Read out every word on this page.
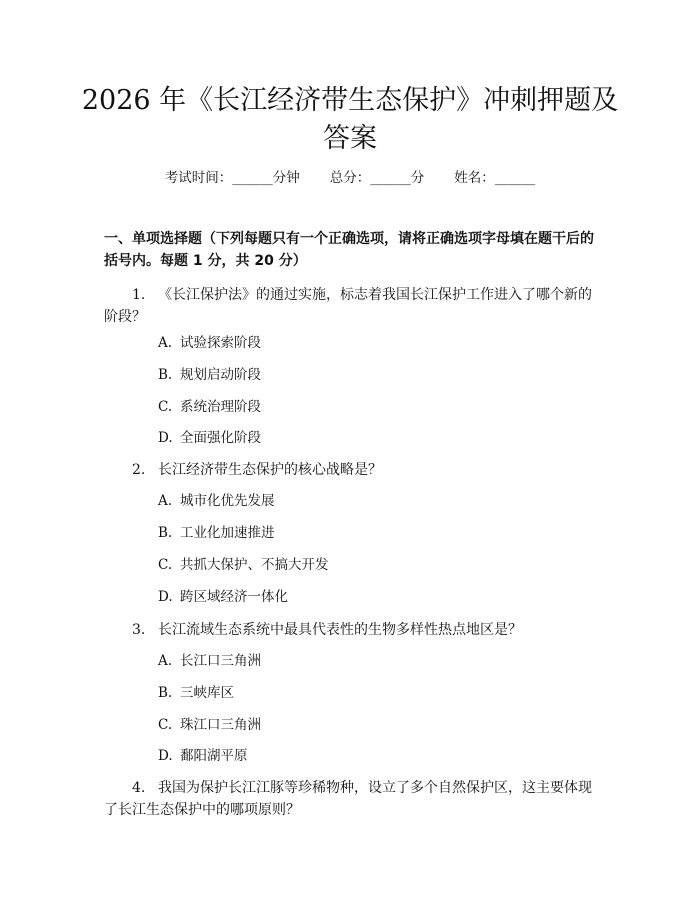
2026 年《长江经济带生态保护》冲刺押题及
答案
考试时间：______分钟 总分：______分 姓名：______

一、单项选择题（下列每题只有一个正确选项，请将正确选项字母填在题干后的

括号内。每题 1 分，共 20 分）

1. 《长江保护法》的通过实施，标志着我国长江保护工作进入了哪个新的阶段？

A. 试验探索阶段

B. 规划启动阶段

C. 系统治理阶段

D. 全面强化阶段

2. 长江经济带生态保护的核心战略是？

A. 城市化优先发展

B. 工业化加速推进

C. 共抓大保护、不搞大开发

D. 跨区域经济一体化

3. 长江流域生态系统中最具代表性的生物多样性热点地区是？

A. 长江口三角洲

B. 三峡库区

C. 珠江口三角洲

D. 鄱阳湖平原

4. 我国为保护长江江豚等珍稀物种，设立了多个自然保护区，这主要体现了长江生态保护中的哪项原则？
